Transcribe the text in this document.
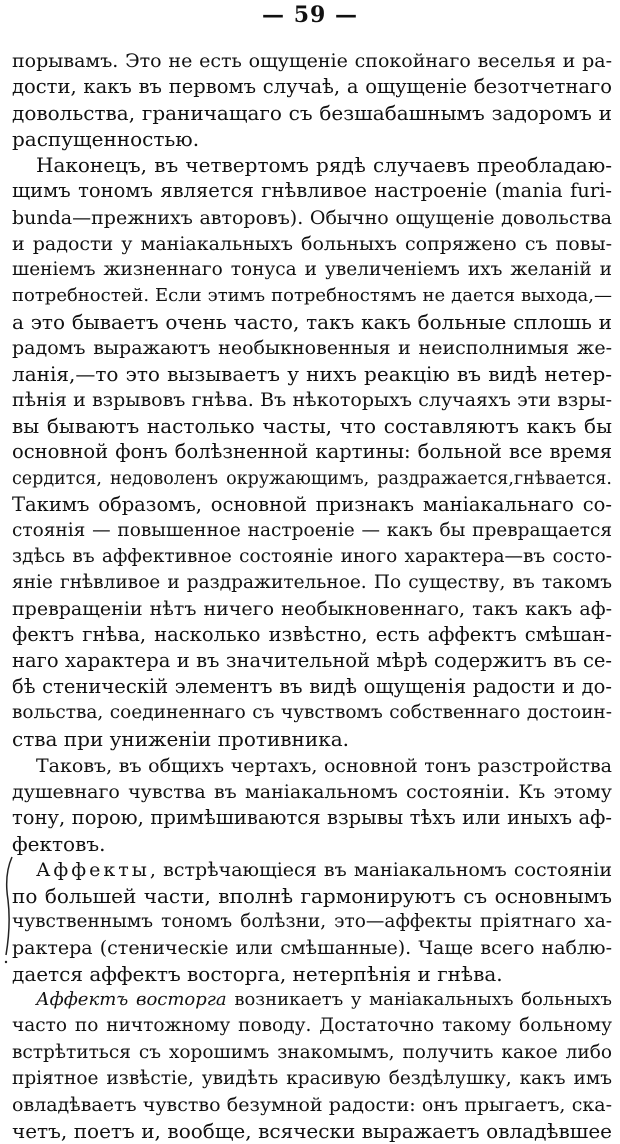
— 59 —
порывамъ. Это не есть ощущеніе спокойнаго веселья и ра-
дости, какъ въ первомъ случаѣ, а ощущеніе безотчетнаго
довольства, граничащаго съ безшабашнымъ задоромъ и
распущенностью.
Наконецъ, въ четвертомъ рядѣ случаевъ преобладаю-
щимъ тономъ является гнѣвливое настроеніе (mania furi-
bunda—прежнихъ авторовъ). Обычно ощущеніе довольства
и радости у маніакальныхъ больныхъ сопряжено съ повы-
шеніемъ жизненнаго тонуса и увеличеніемъ ихъ желаній и
потребностей. Если этимъ потребностямъ не дается выхода,—
а это бываетъ очень часто, такъ какъ больные сплошь и
радомъ выражаютъ необыкновенныя и неисполнимыя же-
ланія,—то это вызываетъ у нихъ реакцію въ видѣ нетер-
пѣнія и взрывовъ гнѣва. Въ нѣкоторыхъ случаяхъ эти взры-
вы бываютъ настолько часты, что составляютъ какъ бы
основной фонъ болѣзненной картины: больной все время
сердится, недоволенъ окружающимъ, раздражается,гнѣвается.
Такимъ образомъ, основной признакъ маніакальнаго со-
стоянія — повышенное настроеніе — какъ бы превращается
здѣсь въ аффективное состояніе иного характера—въ состо-
яніе гнѣвливое и раздражительное. По существу, въ такомъ
превращеніи нѣтъ ничего необыкновеннаго, такъ какъ аф-
фектъ гнѣва, насколько извѣстно, есть аффектъ смѣшан-
наго характера и въ значительной мѣрѣ содержитъ въ се-
бѣ стеническій элементъ въ видѣ ощущенія радости и до-
вольства, соединеннаго съ чувствомъ собственнаго достоин-
ства при униженіи противника.
Таковъ, въ общихъ чертахъ, основной тонъ разстройства
душевнаго чувства въ маніакальномъ состояніи. Къ этому
тону, порою, примѣшиваются взрывы тѣхъ или иныхъ аф-
фектовъ.
Аффекты, встрѣчающіеся въ маніакальномъ состояніи
по большей части, вполнѣ гармонируютъ съ основнымъ
чувственнымъ тономъ болѣзни, это—аффекты пріятнаго ха-
рактера (стеническіе или смѣшанные). Чаще всего наблю-
дается аффектъ восторга, нетерпѣнія и гнѣва.
Аффектъ восторга возникаетъ у маніакальныхъ больныхъ
часто по ничтожному поводу. Достаточно такому больному
встрѣтиться съ хорошимъ знакомымъ, получить какое либо
пріятное извѣстіе, увидѣть красивую бездѣлушку, какъ имъ
овладѣваетъ чувство безумной радости: онъ прыгаетъ, ска-
четъ, поетъ и, вообще, всячески выражаетъ овладѣвшее
